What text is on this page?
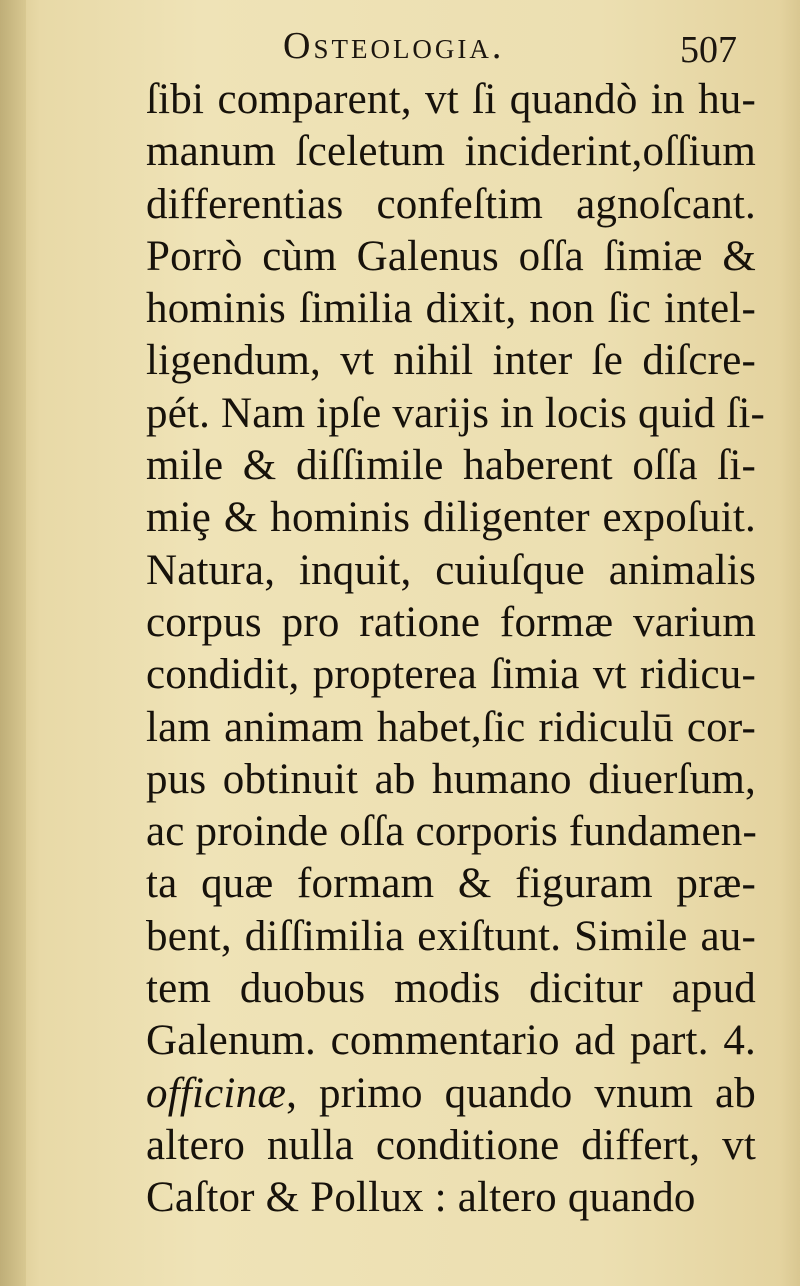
Osteologia.	507
ſibi comparent, vt ſi quandò in hu-
manum ſceletum inciderint,oſſium
differentias confeſtim agnoſcant.
Porrò cùm Galenus oſſa ſimiæ &
hominis ſimilia dixit, non ſic intel-
ligendum, vt nihil inter ſe diſcre-
pét. Nam ipſe varijs in locis quid ſi-
mile & diſſimile haberent oſſa ſi-
miȩ & hominis diligenter expoſuit.
Natura, inquit, cuiuſque animalis
corpus pro ratione formæ varium
condidit, propterea ſimia vt ridicu-
lam animam habet,ſic ridiculū cor-
pus obtinuit ab humano diuerſum,
ac proinde oſſa corporis fundamen-
ta quæ formam & figuram præ-
bent, diſſimilia exiſtunt. Simile au-
tem duobus modis dicitur apud
Galenum. commentario ad part. 4.
officinæ, primo quando vnum ab
altero nulla conditione differt, vt
Caſtor & Pollux : altero quando
